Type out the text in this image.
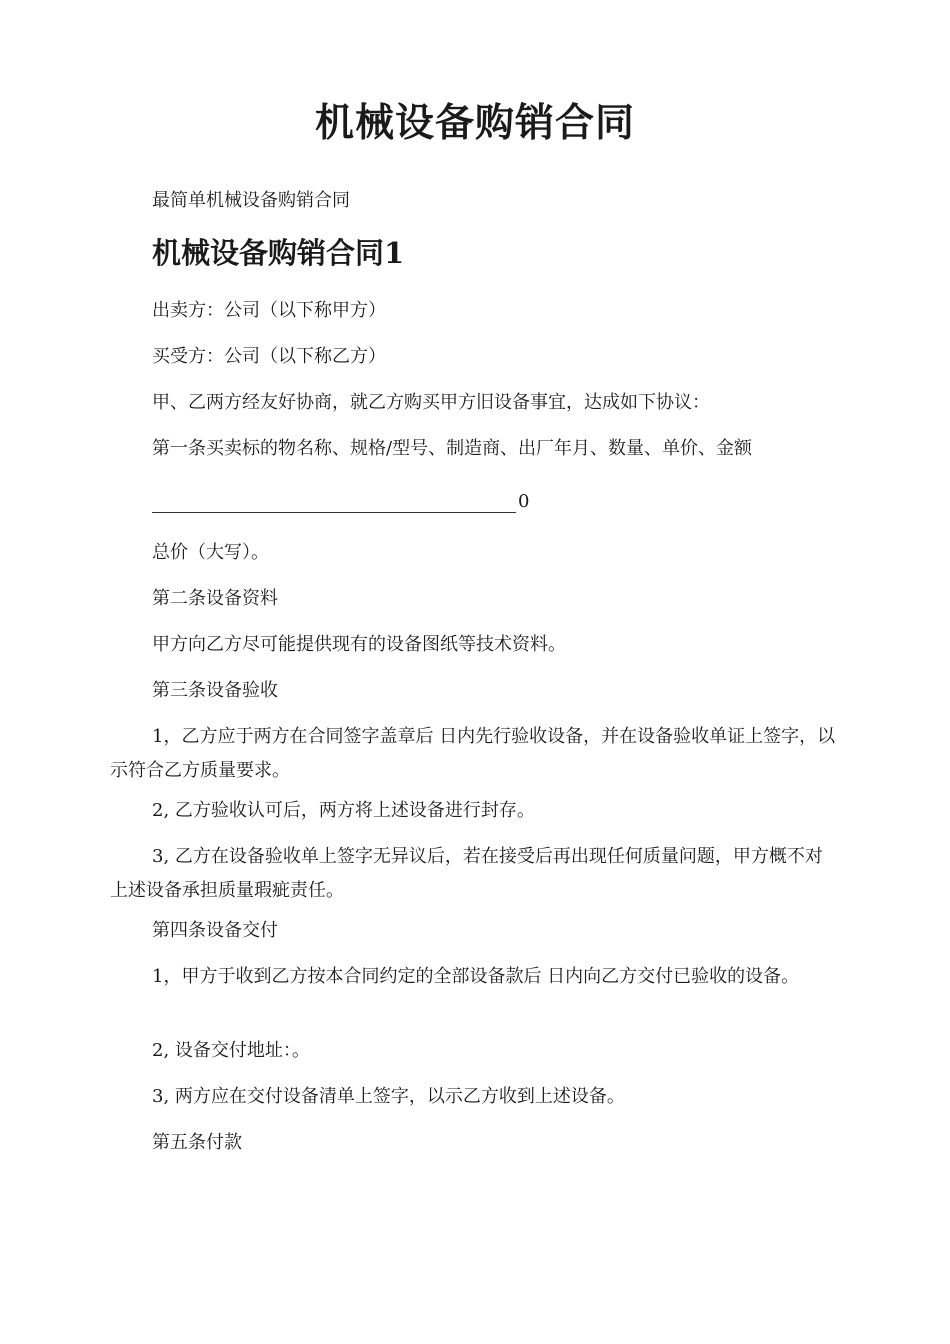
机械设备购销合同

最简单机械设备购销合同

机械设备购销合同1

出卖方：公司（以下称甲方）

买受方：公司（以下称乙方）

甲、乙两方经友好协商，就乙方购买甲方旧设备事宜，达成如下协议：

第一条买卖标的物名称、规格/型号、制造商、出厂年月、数量、单价、金额

0

总价（大写）。

第二条设备资料

甲方向乙方尽可能提供现有的设备图纸等技术资料。

第三条设备验收

1，乙方应于两方在合同签字盖章后 日内先行验收设备，并在设备验收单证上签字，以示符合乙方质量要求。

2, 乙方验收认可后，两方将上述设备进行封存。

3, 乙方在设备验收单上签字无异议后，若在接受后再出现任何质量问题，甲方概不对上述设备承担质量瑕疵责任。

第四条设备交付

1，甲方于收到乙方按本合同约定的全部设备款后 日内向乙方交付已验收的设备。

2, 设备交付地址：。

3, 两方应在交付设备清单上签字，以示乙方收到上述设备。

第五条付款
